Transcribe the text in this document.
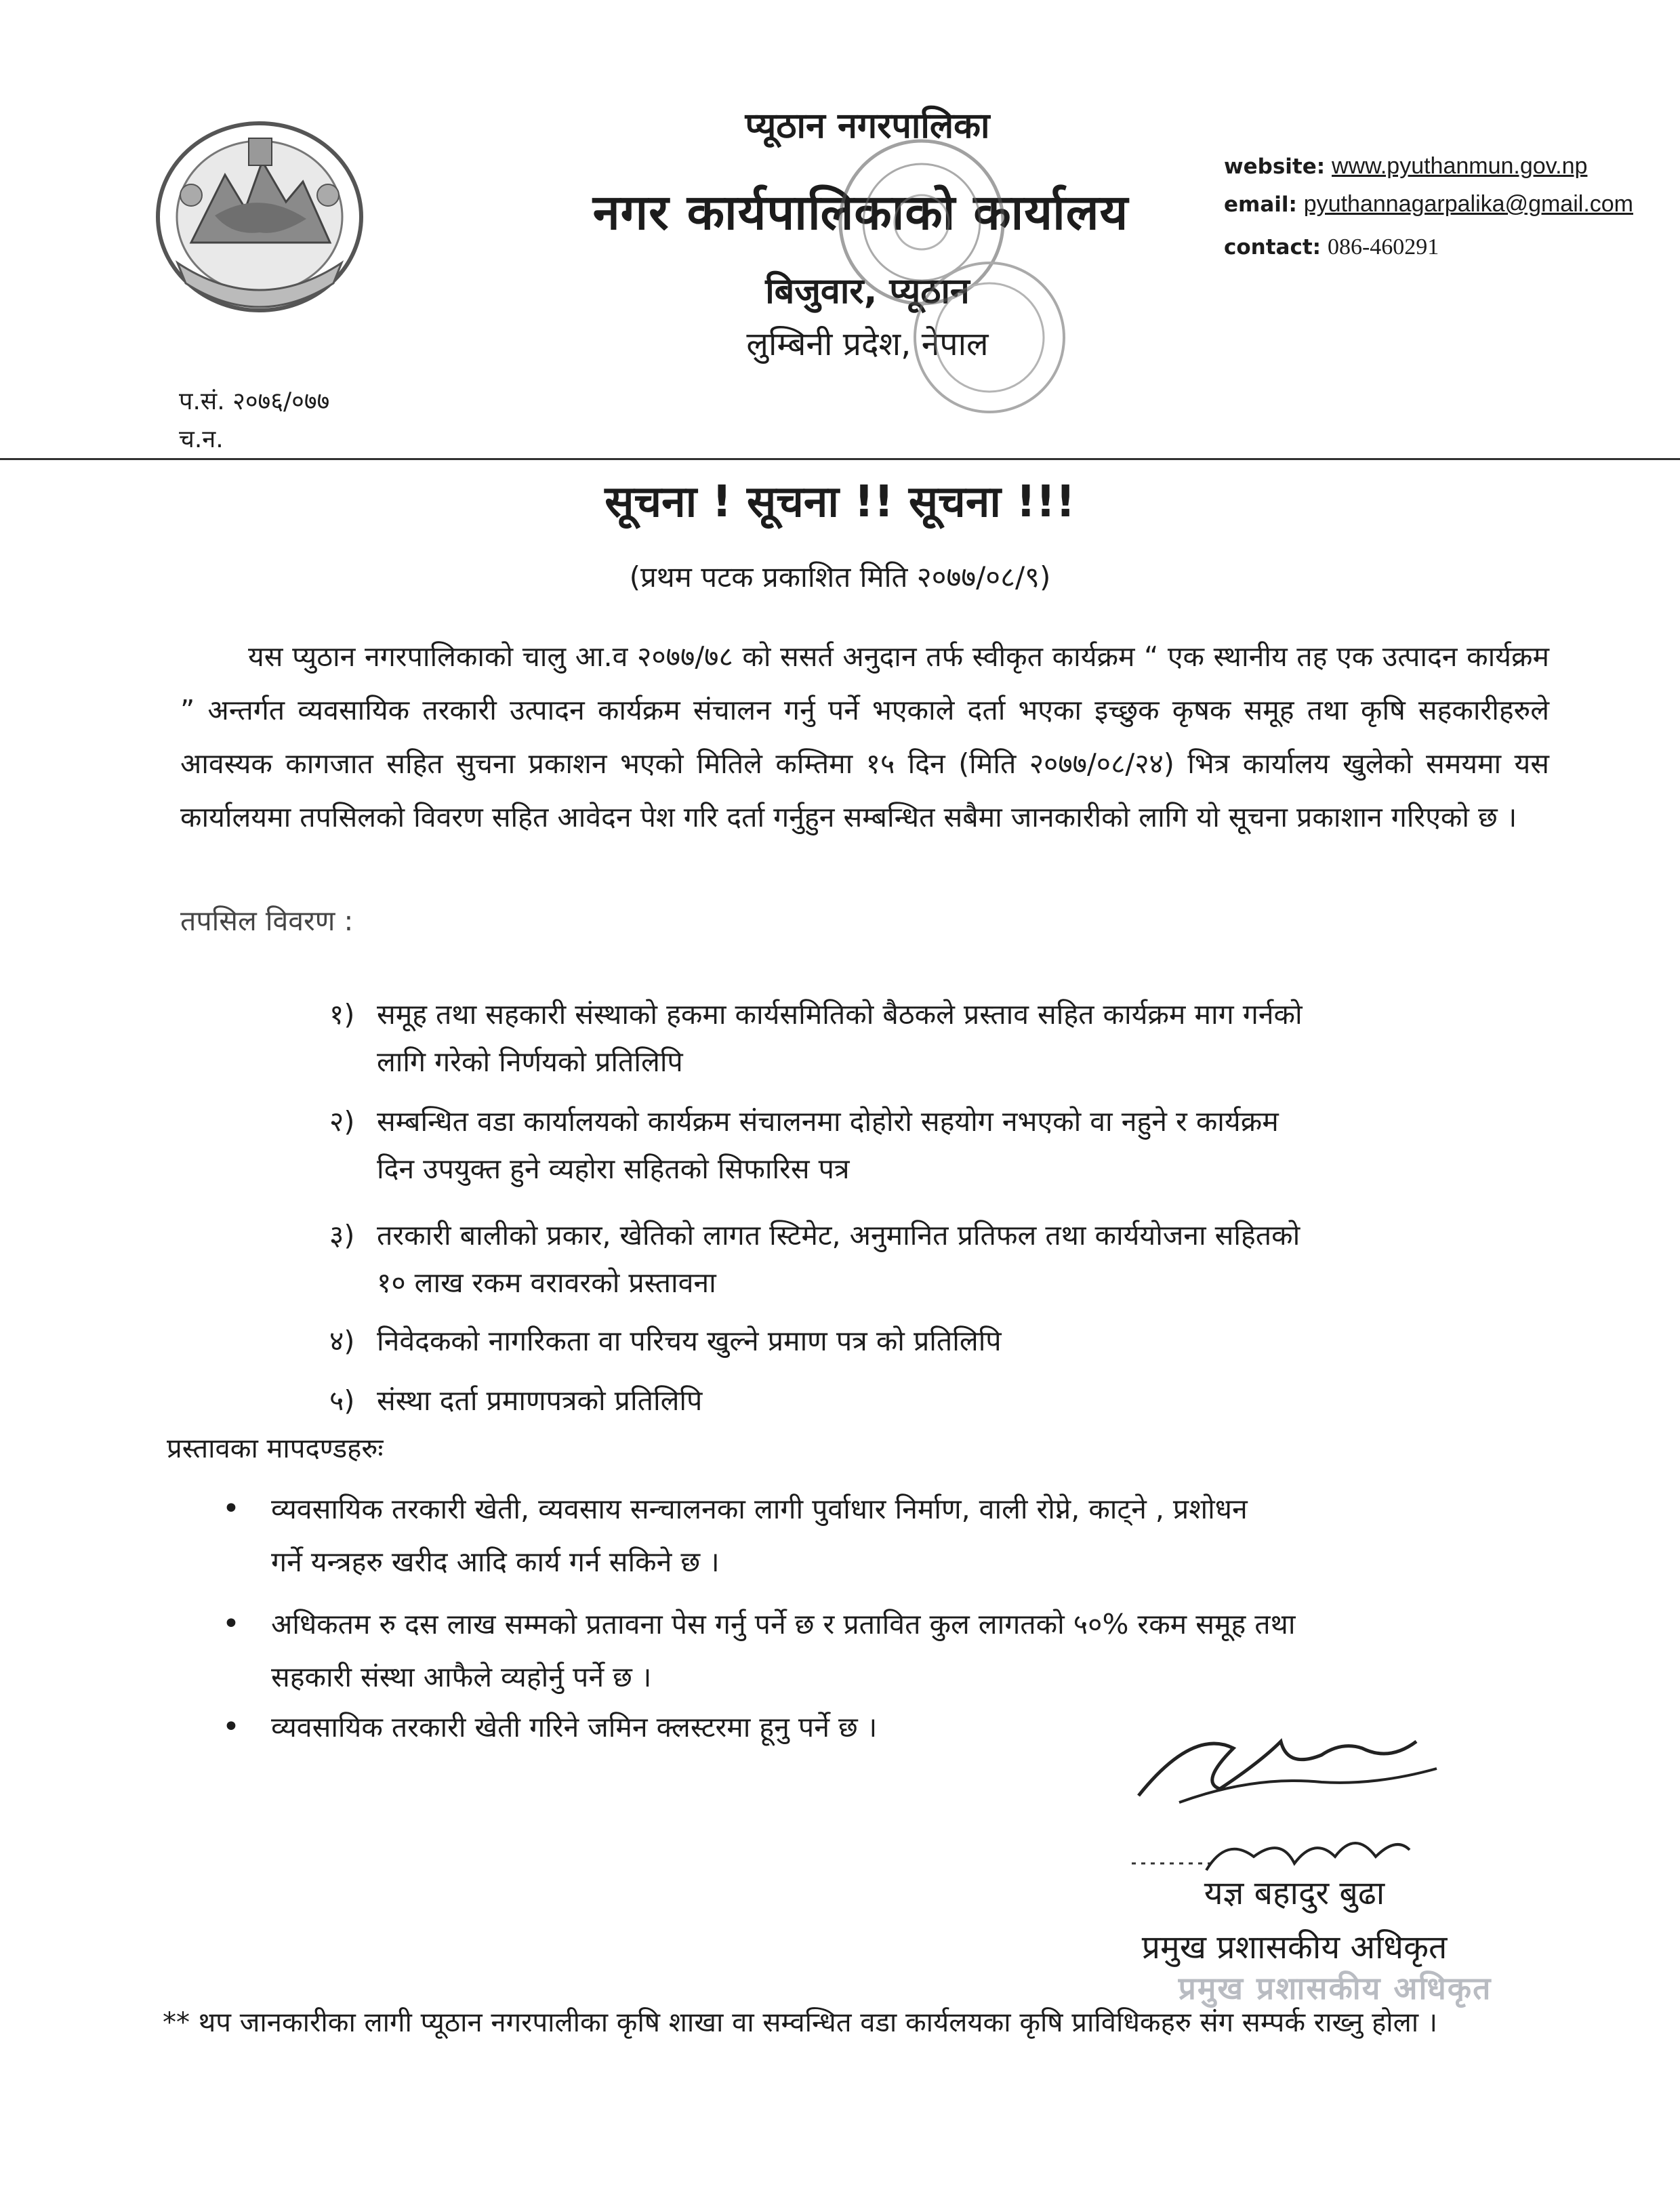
प्यूठान नगरपालिका
नगर कार्यपालिकाको कार्यालय
बिजुवार, प्यूठान
लुम्बिनी प्रदेश, नेपाल
website: www.pyuthanmun.gov.np
email: pyuthannagarpalika@gmail.com
contact: 086-460291
प.सं. २०७६/०७७
च.न.
सूचना ! सूचना !! सूचना !!!
(प्रथम पटक प्रकाशित मिति २०७७/०८/९)
यस प्युठान नगरपालिकाको चालु आ.व २०७७/७८ को ससर्त अनुदान तर्फ स्वीकृत कार्यक्रम “ एक स्थानीय तह एक उत्पादन कार्यक्रम ” अन्तर्गत व्यवसायिक तरकारी उत्पादन कार्यक्रम संचालन गर्नु पर्ने भएकाले दर्ता भएका इच्छुक कृषक समूह तथा कृषि सहकारीहरुले आवस्यक कागजात सहित सुचना प्रकाशन भएको मितिले कम्तिमा १५ दिन (मिति २०७७/०८/२४) भित्र कार्यालय खुलेको समयमा यस कार्यालयमा तपसिलको विवरण सहित आवेदन पेश गरि दर्ता गर्नुहुन सम्बन्धित सबैमा जानकारीको लागि यो सूचना प्रकाशान गरिएको छ ।
तपसिल विवरण :
१) समूह तथा सहकारी संस्थाको हकमा कार्यसमितिको बैठकले प्रस्ताव सहित कार्यक्रम माग गर्नको
लागि गरेको निर्णयको प्रतिलिपि
२) सम्बन्धित वडा कार्यालयको कार्यक्रम संचालनमा दोहोरो सहयोग नभएको वा नहुने र कार्यक्रम
दिन उपयुक्त हुने व्यहोरा सहितको सिफारिस पत्र
३) तरकारी बालीको प्रकार, खेतिको लागत स्टिमेट, अनुमानित प्रतिफल तथा कार्ययोजना सहितको
१० लाख रकम वरावरको प्रस्तावना
४) निवेदकको नागरिकता वा परिचय खुल्ने प्रमाण पत्र को प्रतिलिपि
५) संस्था दर्ता प्रमाणपत्रको प्रतिलिपि
प्रस्तावका मापदण्डहरुः
• व्यवसायिक तरकारी खेती, व्यवसाय सन्चालनका लागी पुर्वाधार निर्माण, वाली रोप्ने, काट्ने , प्रशोधन
गर्ने यन्त्रहरु खरीद आदि कार्य गर्न सकिने छ ।
• अधिकतम रु दस लाख सम्मको प्रतावना पेस गर्नु पर्ने छ र प्रतावित कुल लागतको ५०% रकम समूह तथा
सहकारी संस्था आफैले व्यहोर्नु पर्ने छ ।
• व्यवसायिक तरकारी खेती गरिने जमिन क्लस्टरमा हूनु पर्ने छ ।
यज्ञ बहादुर बुढा
प्रमुख प्रशासकीय अधिकृत
प्रमुख प्रशासकीय अधिकृत
** थप जानकारीका लागी प्यूठान नगरपालीका कृषि शाखा वा सम्वन्धित वडा कार्यलयका कृषि प्राविधिकहरु संग सम्पर्क राख्नु होला ।
